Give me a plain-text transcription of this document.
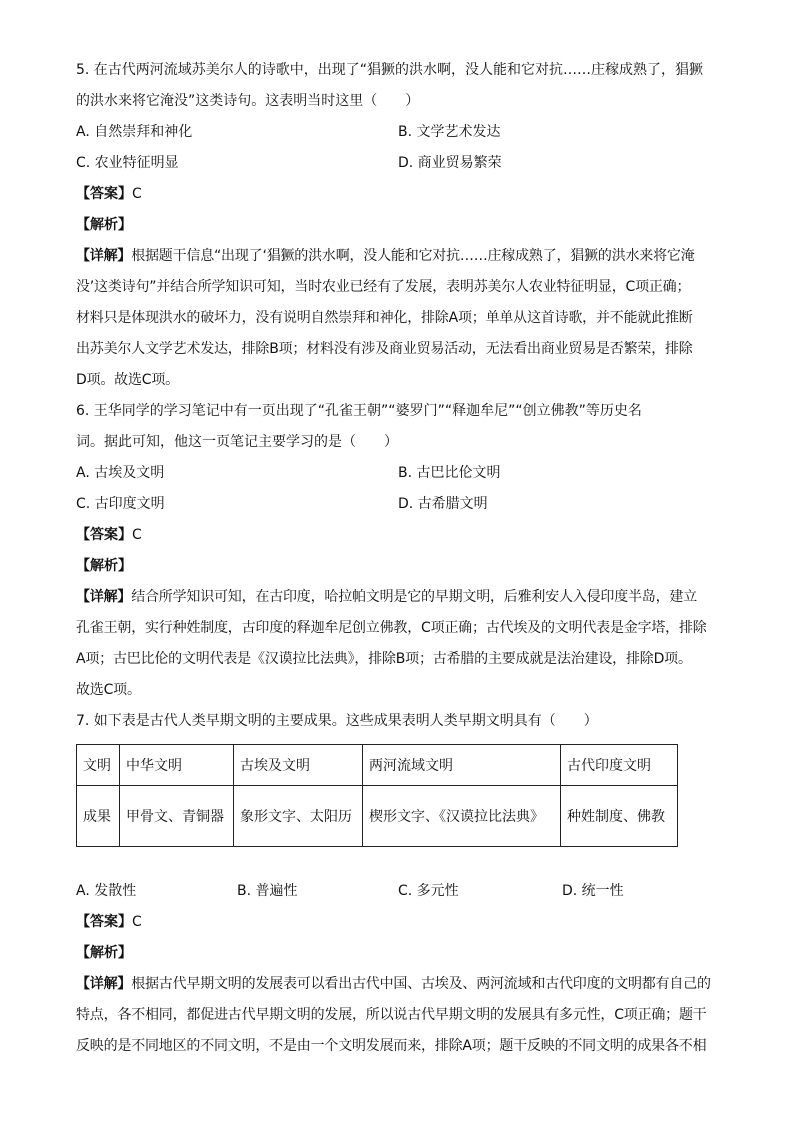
5. 在古代两河流域苏美尔人的诗歌中，出现了“猖獗的洪水啊，没人能和它对抗……庄稼成熟了，猖獗
的洪水来将它淹没”这类诗句。这表明当时这里（　　）
A. 自然崇拜和神化	B. 文学艺术发达
C. 农业特征明显	D. 商业贸易繁荣
【答案】C
【解析】
【详解】根据题干信息“出现了‘猖獗的洪水啊，没人能和它对抗……庄稼成熟了，猖獗的洪水来将它淹
没’这类诗句”并结合所学知识可知，当时农业已经有了发展，表明苏美尔人农业特征明显，C项正确；
材料只是体现洪水的破坏力，没有说明自然崇拜和神化，排除A项；单单从这首诗歌，并不能就此推断
出苏美尔人文学艺术发达，排除B项；材料没有涉及商业贸易活动，无法看出商业贸易是否繁荣，排除
D项。故选C项。
6. 王华同学的学习笔记中有一页出现了“孔雀王朝”“婆罗门”“释迦牟尼”“创立佛教”等历史名
词。据此可知，他这一页笔记主要学习的是（　　）
A. 古埃及文明	B. 古巴比伦文明
C. 古印度文明	D. 古希腊文明
【答案】C
【解析】
【详解】结合所学知识可知，在古印度，哈拉帕文明是它的早期文明，后雅利安人入侵印度半岛，建立
孔雀王朝，实行种姓制度，古印度的释迦牟尼创立佛教，C项正确；古代埃及的文明代表是金字塔，排除
A项；古巴比伦的文明代表是《汉谟拉比法典》，排除B项；古希腊的主要成就是法治建设，排除D项。
故选C项。
7. 如下表是古代人类早期文明的主要成果。这些成果表明人类早期文明具有（　　）
文明	中华文明	古埃及文明	两河流域文明	古代印度文明
成果	甲骨文、青铜器	象形文字、太阳历	楔形文字、《汉谟拉比法典》	种姓制度、佛教
A. 发散性	B. 普遍性	C. 多元性	D. 统一性
【答案】C
【解析】
【详解】根据古代早期文明的发展表可以看出古代中国、古埃及、两河流域和古代印度的文明都有自己的
特点，各不相同，都促进古代早期文明的发展，所以说古代早期文明的发展具有多元性，C项正确；题干
反映的是不同地区的不同文明，不是由一个文明发展而来，排除A项；题干反映的不同文明的成果各不相
